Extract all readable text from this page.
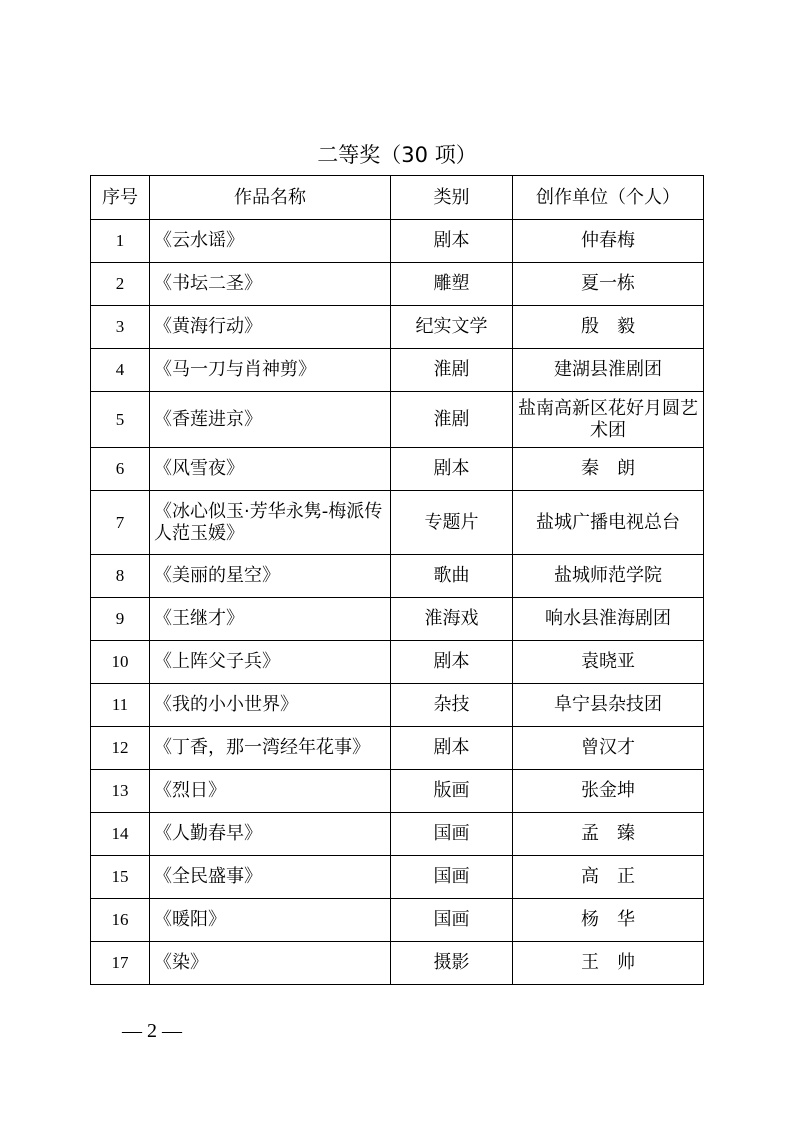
二等奖（30 项）
序号	作品名称	类别	创作单位（个人）
1	《云水谣》	剧本	仲春梅
2	《书坛二圣》	雕塑	夏一栋
3	《黄海行动》	纪实文学	殷　毅
4	《马一刀与肖神剪》	淮剧	建湖县淮剧团
5	《香莲进京》	淮剧	盐南高新区花好月圆艺术团
6	《风雪夜》	剧本	秦　朗
7	《冰心似玉·芳华永隽-梅派传人范玉媛》	专题片	盐城广播电视总台
8	《美丽的星空》	歌曲	盐城师范学院
9	《王继才》	淮海戏	响水县淮海剧团
10	《上阵父子兵》	剧本	袁晓亚
11	《我的小小世界》	杂技	阜宁县杂技团
12	《丁香，那一湾经年花事》	剧本	曾汉才
13	《烈日》	版画	张金坤
14	《人勤春早》	国画	孟　臻
15	《全民盛事》	国画	高　正
16	《暖阳》	国画	杨　华
17	《染》	摄影	王　帅
— 2 —
